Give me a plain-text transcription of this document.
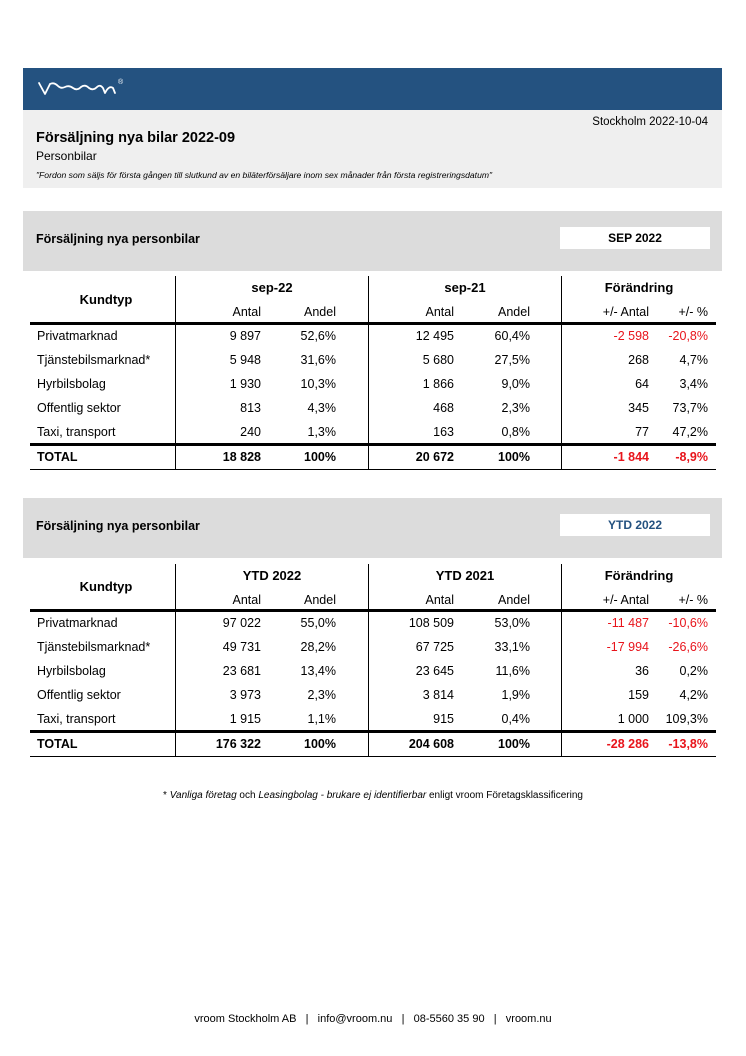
®
Stockholm 2022-10-04
Försäljning nya bilar 2022-09
Personbilar
"Fordon som säljs för första gången till slutkund av en biläterförsäljare inom sex månader från första registreringsdatum"
Försäljning nya personbilar	SEP 2022
Kundtyp
sep-22	sep-21	Förändring
Antal	Andel	Antal	Andel	+/- Antal +/- %
Privatmarknad	9 897	52,6%	12 495	60,4%	-2 598 -20,8%
Tjänstebilsmarknad*	5 948	31,6%	5 680	27,5%	268 4,7%
Hyrbilsbolag	1 930	10,3%	1 866	9,0%	64 3,4%
Offentlig sektor	813	4,3%	468	2,3%	345 73,7%
Taxi, transport	240	1,3%	163	0,8%	77 47,2%
TOTAL	18 828	100%	20 672	100%	-1 844 -8,9%
Försäljning nya personbilar	YTD 2022
Kundtyp
YTD 2022	YTD 2021	Förändring
Antal	Andel	Antal	Andel	+/- Antal +/- %
Privatmarknad	97 022	55,0%	108 509	53,0%	-11 487 -10,6%
Tjänstebilsmarknad*	49 731	28,2%	67 725	33,1%	-17 994 -26,6%
Hyrbilsbolag	23 681	13,4%	23 645	11,6%	36 0,2%
Offentlig sektor	3 973	2,3%	3 814	1,9%	159 4,2%
Taxi, transport	1 915	1,1%	915	0,4%	1 000 109,3%
TOTAL	176 322	100%	204 608	100%	-28 286 -13,8%
* Vanliga företag och Leasingbolag - brukare ej identifierbar enligt vroom Företagsklassificering
vroom Stockholm AB | info@vroom.nu | 08-5560 35 90 | vroom.nu
